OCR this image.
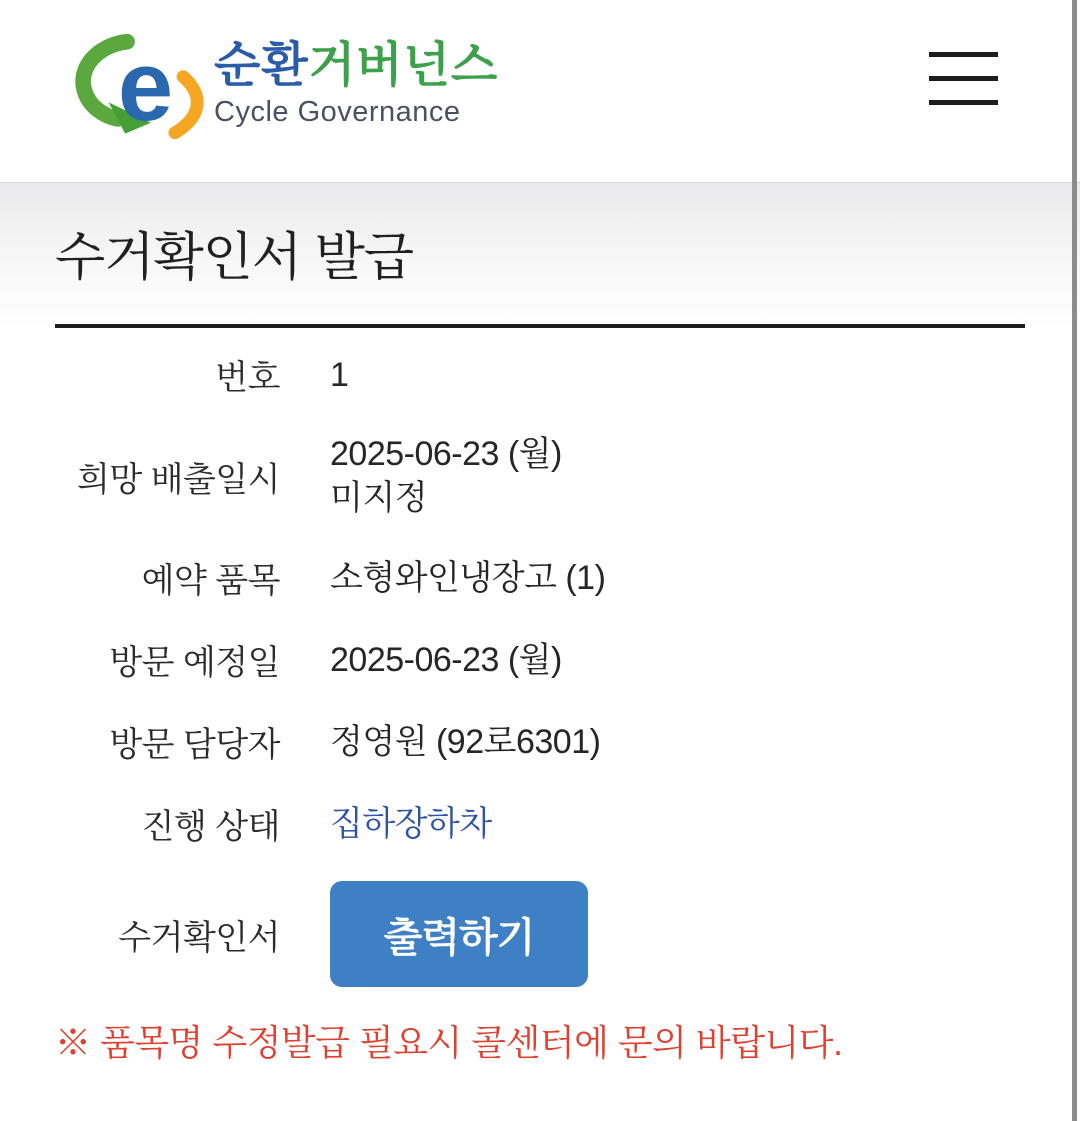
e 순환거버넌스
Cycle Governance
수거확인서 발급
번호 1
희망 배출일시
2025-06-23 (월)
미지정
예약 품목 소형와인냉장고 (1)
방문 예정일 2025-06-23 (월)
방문 담당자 정영원 (92로6301)
진행 상태 집하장하차
수거확인서	출력하기
※ 품목명 수정발급 필요시 콜센터에 문의 바랍니다.
